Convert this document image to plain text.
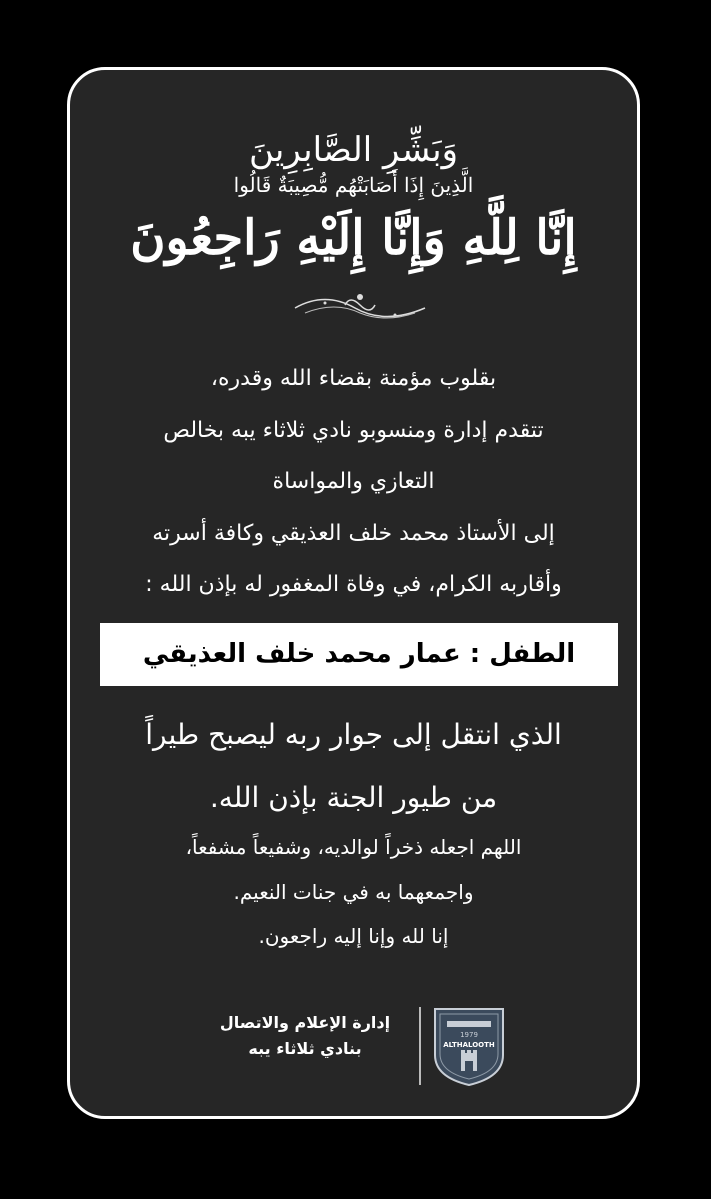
وَبَشِّرِ الصَّابِرِينَ
الَّذِينَ إِذَا أَصَابَتْهُم مُّصِيبَةٌ قَالُوا
إِنَّا لِلَّهِ وَإِنَّا إِلَيْهِ رَاجِعُونَ
بقلوب مؤمنة بقضاء الله وقدره،
تتقدم إدارة ومنسوبو نادي ثلاثاء يبه بخالص
التعازي والمواساة
إلى الأستاذ محمد خلف العذيقي وكافة أسرته
وأقاربه الكرام، في وفاة المغفور له بإذن الله :
الطفل : عمار محمد خلف العذيقي
الذي انتقل إلى جوار ربه ليصبح طيراً
من طيور الجنة بإذن الله.
اللهم اجعله ذخراً لوالديه، وشفيعاً مشفعاً،
واجمعهما به في جنات النعيم.
إنا لله وإنا إليه راجعون.
إدارة الإعلام والاتصال
بنادي ثلاثاء يبه
1979
ALTHALOOTH
